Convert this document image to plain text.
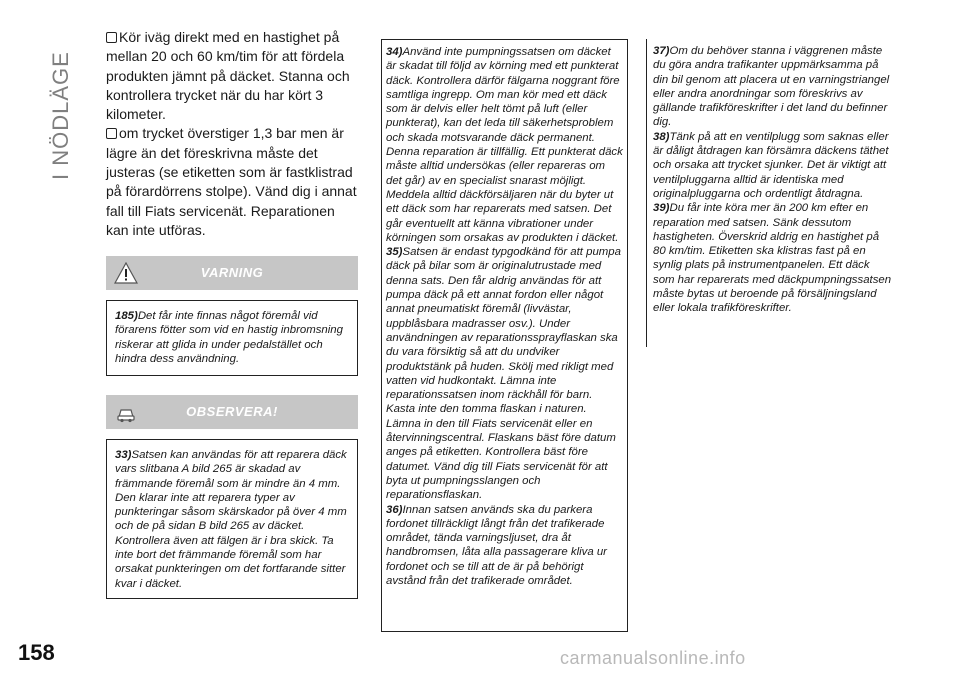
I NÖDLÄGE

Kör iväg direkt med en hastighet på mellan 20 och 60 km/tim för att fördela produkten jämnt på däcket. Stanna och kontrollera trycket när du har kört 3 kilometer.

om trycket överstiger 1,3 bar men är lägre än det föreskrivna måste det justeras (se etiketten som är fastklistrad på förardörrens stolpe). Vänd dig i annat fall till Fiats servicenät. Reparationen kan inte utföras.

VARNING

185)Det får inte finnas något föremål vid förarens fötter som vid en hastig inbromsning riskerar att glida in under pedalstället och hindra dess användning.

OBSERVERA!

33)Satsen kan användas för att reparera däck vars slitbana A bild 265 är skadad av främmande föremål som är mindre än 4 mm. Den klarar inte att reparera typer av punkteringar såsom skärskador på över 4 mm och de på sidan B bild 265 av däcket. Kontrollera även att fälgen är i bra skick. Ta inte bort det främmande föremål som har orsakat punkteringen om det fortfarande sitter kvar i däcket.

34)Använd inte pumpningssatsen om däcket är skadat till följd av körning med ett punkterat däck. Kontrollera därför fälgarna noggrant före samtliga ingrepp. Om man kör med ett däck som är delvis eller helt tömt på luft (eller punkterat), kan det leda till säkerhetsproblem och skada motsvarande däck permanent. Denna reparation är tillfällig. Ett punkterat däck måste alltid undersökas (eller repareras om det går) av en specialist snarast möjligt. Meddela alltid däckförsäljaren när du byter ut ett däck som har reparerats med satsen. Det går eventuellt att känna vibrationer under körningen som orsakas av produkten i däcket.

35)Satsen är endast typgodkänd för att pumpa däck på bilar som är originalutrustade med denna sats. Den får aldrig användas för att pumpa däck på ett annat fordon eller något annat pneumatiskt föremål (livvästar, uppblåsbara madrasser osv.). Under användningen av reparationssprayflaskan ska du vara försiktig så att du undviker produktstänk på huden. Skölj med rikligt med vatten vid hudkontakt. Lämna inte reparationssatsen inom räckhåll för barn. Kasta inte den tomma flaskan i naturen. Lämna in den till Fiats servicenät eller en återvinningscentral. Flaskans bäst före datum anges på etiketten. Kontrollera bäst före datumet. Vänd dig till Fiats servicenät för att byta ut pumpningsslangen och reparationsflaskan.

36)Innan satsen används ska du parkera fordonet tillräckligt långt från det trafikerade området, tända varningsljuset, dra åt handbromsen, låta alla passagerare kliva ur fordonet och se till att de är på behörigt avstånd från det trafikerade området.

37)Om du behöver stanna i väggrenen måste du göra andra trafikanter uppmärksamma på din bil genom att placera ut en varningstriangel eller andra anordningar som föreskrivs av gällande trafikföreskrifter i det land du befinner dig.

38)Tänk på att en ventilplugg som saknas eller är dåligt åtdragen kan försämra däckens täthet och orsaka att trycket sjunker. Det är viktigt att ventilpluggarna alltid är identiska med originalpluggarna och ordentligt åtdragna.

39)Du får inte köra mer än 200 km efter en reparation med satsen. Sänk dessutom hastigheten. Överskrid aldrig en hastighet på 80 km/tim. Etiketten ska klistras fast på en synlig plats på instrumentpanelen. Ett däck som har reparerats med däckpumpningssatsen måste bytas ut beroende på försäljningsland eller lokala trafikföreskrifter.

158	carmanualsonline.info
